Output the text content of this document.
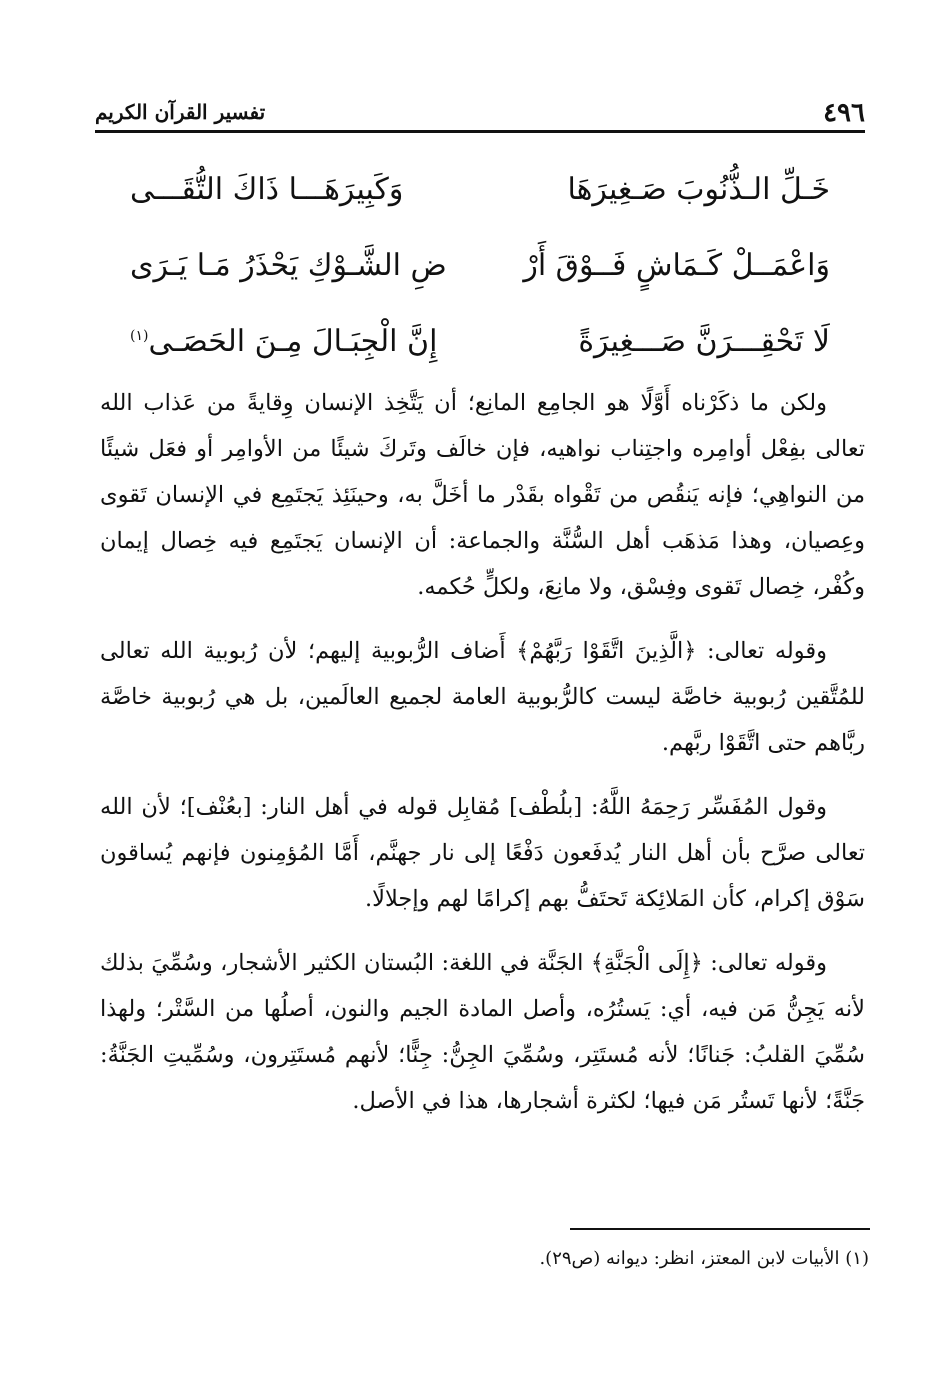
٤٩٦
تفسير القرآن الكريم
خَـلِّ الـذُّنُوبَ صَـغِيرَهَا
وَكَبِيرَهَـــا ذَاكَ التُّقَـــى
وَاعْمَــلْ كَـمَاشٍ فَــوْقَ أَرْ
ضِ الشَّـوْكِ يَحْذَرُ مَـا يَـرَى
لَا تَحْقِـــرَنَّ صَـــغِيرَةً
إِنَّ الْجِبَـالَ مِـنَ الحَصَـى$^{(١)}$

ولكن ما ذكَرْناه أَوَّلًا هو الجامِع المانِع؛ أن يَتَّخِذ الإنسان وِقايةً من عَذاب الله تعالى بفِعْل أوامِره واجتِناب نواهيه، فإن خالَف وتَركَ شيئًا من الأوامِر أو فعَل شيئًا من النواهِي؛ فإنه يَنقُص من تَقْواه بقَدْر ما أخَلَّ به، وحينَئِذ يَجتَمِع في الإنسان تَقوى وعِصيان، وهذا مَذهَب أهل السُّنَّة والجماعة: أن الإنسان يَجتَمِع فيه خِصال إيمان وكُفْر، خِصال تَقوى وفِسْق، ولا مانِعَ، ولكلٍّ حُكمه.

وقوله تعالى: ﴿الَّذِينَ اتَّقَوْا رَبَّهُمْ﴾ أَضاف الرُّبوبية إليهم؛ لأن رُبوبية الله تعالى للمُتَّقين رُبوبية خاصَّة ليست كالرُّبوبية العامة لجميع العالَمين، بل هي رُبوبية خاصَّة ربَّاهم حتى اتَّقَوْا ربَّهم.

وقول المُفَسِّر رَحِمَهُ اللَّهُ: [بلُطْف] مُقابِل قوله في أهل النار: [بعُنْف]؛ لأن الله تعالى صرَّح بأن أهل النار يُدفَعون دَفْعًا إلى نار جهنَّم، أَمَّا المُؤمِنون فإنهم يُساقون سَوْق إكرام، كأن المَلائِكة تَحتَفُّ بهم إكرامًا لهم وإجلالًا.

وقوله تعالى: ﴿إِلَى الْجَنَّةِ﴾ الجَنَّة في اللغة: البُستان الكثير الأشجار، وسُمِّيَ بذلك لأنه يَجِنُّ مَن فيه، أي: يَستُرُه، وأصل المادة الجيم والنون، أصلُها من السَّتْر؛ ولهذا سُمِّيَ القلبُ: جَنانًا؛ لأنه مُستَتِر، وسُمِّيَ الجِنُّ: جِنًّا؛ لأنهم مُستَتِرون، وسُمِّيتِ الجَنَّةُ: جَنَّةً؛ لأنها تَستُر مَن فيها؛ لكثرة أشجارها، هذا في الأصل.

(١) الأبيات لابن المعتز، انظر: ديوانه (ص٢٩).
